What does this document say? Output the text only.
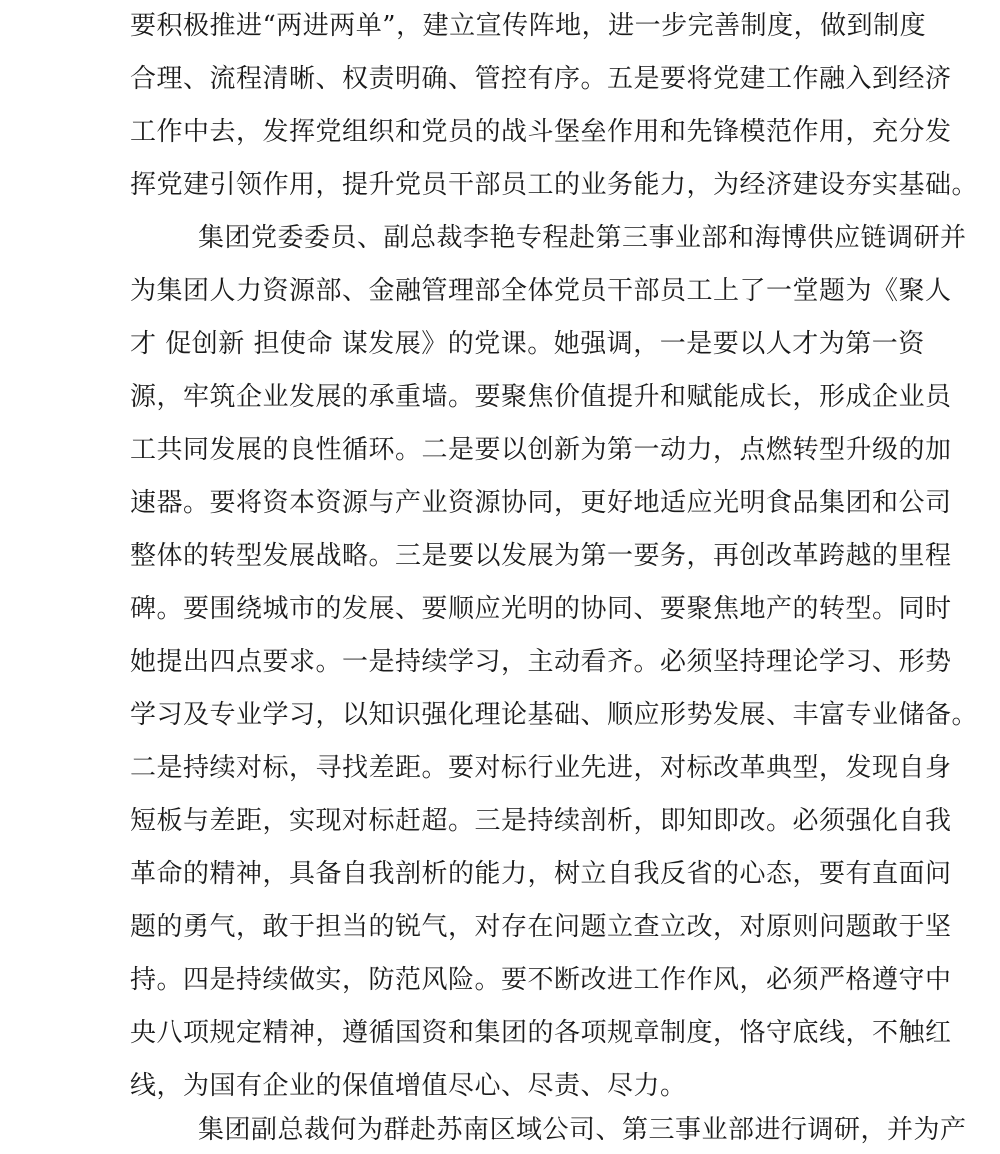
要积极推进“两进两单”，建立宣传阵地，进一步完善制度，做到制度
合理、流程清晰、权责明确、管控有序。五是要将党建工作融入到经济
工作中去，发挥党组织和党员的战斗堡垒作用和先锋模范作用，充分发
挥党建引领作用，提升党员干部员工的业务能力，为经济建设夯实基础。
集团党委委员、副总裁李艳专程赴第三事业部和海博供应链调研并
为集团人力资源部、金融管理部全体党员干部员工上了一堂题为《聚人
才 促创新 担使命 谋发展》的党课。她强调，一是要以人才为第一资
源，牢筑企业发展的承重墙。要聚焦价值提升和赋能成长，形成企业员
工共同发展的良性循环。二是要以创新为第一动力，点燃转型升级的加
速器。要将资本资源与产业资源协同，更好地适应光明食品集团和公司
整体的转型发展战略。三是要以发展为第一要务，再创改革跨越的里程
碑。要围绕城市的发展、要顺应光明的协同、要聚焦地产的转型。同时
她提出四点要求。一是持续学习，主动看齐。必须坚持理论学习、形势
学习及专业学习，以知识强化理论基础、顺应形势发展、丰富专业储备。
二是持续对标，寻找差距。要对标行业先进，对标改革典型，发现自身
短板与差距，实现对标赶超。三是持续剖析，即知即改。必须强化自我
革命的精神，具备自我剖析的能力，树立自我反省的心态，要有直面问
题的勇气，敢于担当的锐气，对存在问题立查立改，对原则问题敢于坚
持。四是持续做实，防范风险。要不断改进工作作风，必须严格遵守中
央八项规定精神，遵循国资和集团的各项规章制度，恪守底线，不触红
线，为国有企业的保值增值尽心、尽责、尽力。
集团副总裁何为群赴苏南区域公司、第三事业部进行调研，并为产
